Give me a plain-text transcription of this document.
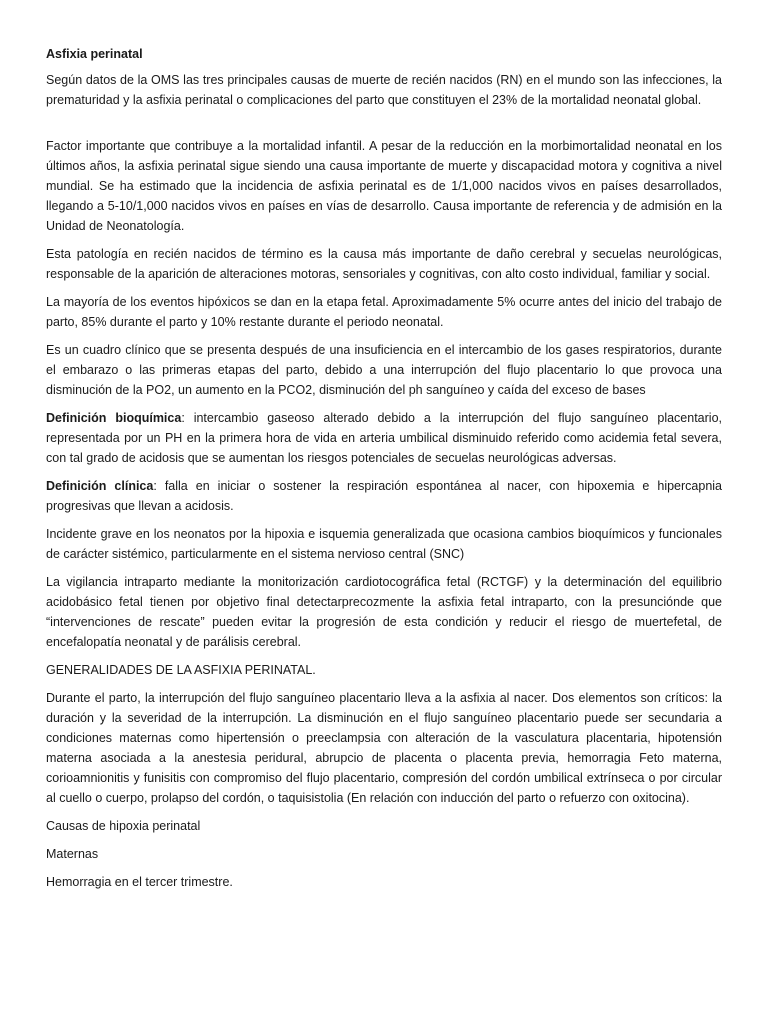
Asfixia perinatal

Según datos de la OMS las tres principales causas de muerte de recién nacidos (RN) en el mundo son las infecciones, la prematuridad y la asfixia perinatal o complicaciones del parto que constituyen el 23% de la mortalidad neonatal global.

Factor importante que contribuye a la mortalidad infantil. A pesar de la reducción en la morbimortalidad neonatal en los últimos años, la asfixia perinatal sigue siendo una causa importante de muerte y discapacidad motora y cognitiva a nivel mundial. Se ha estimado que la incidencia de asfixia perinatal es de 1/1,000 nacidos vivos en países desarrollados, llegando a 5-10/1,000 nacidos vivos en países en vías de desarrollo. Causa importante de referencia y de admisión en la Unidad de Neonatología.

Esta patología en recién nacidos de término es la causa más importante de daño cerebral y secuelas neurológicas, responsable de la aparición de alteraciones motoras, sensoriales y cognitivas, con alto costo individual, familiar y social.

La mayoría de los eventos hipóxicos se dan en la etapa fetal. Aproximadamente 5% ocurre antes del inicio del trabajo de parto, 85% durante el parto y 10% restante durante el periodo neonatal.

Es un cuadro clínico que se presenta después de una insuficiencia en el intercambio de los gases respiratorios, durante el embarazo o las primeras etapas del parto, debido a una interrupción del flujo placentario lo que provoca una disminución de la PO2, un aumento en la PCO2, disminución del ph sanguíneo y caída del exceso de bases

Definición bioquímica: intercambio gaseoso alterado debido a la interrupción del flujo sanguíneo placentario, representada por un PH en la primera hora de vida en arteria umbilical disminuido referido como acidemia fetal severa, con tal grado de acidosis que se aumentan los riesgos potenciales de secuelas neurológicas adversas.

Definición clínica: falla en iniciar o sostener la respiración espontánea al nacer, con hipoxemia e hipercapnia progresivas que llevan a acidosis.

Incidente grave en los neonatos por la hipoxia e isquemia generalizada que ocasiona cambios bioquímicos y funcionales de carácter sistémico, particularmente en el sistema nervioso central (SNC)

La vigilancia intraparto mediante la monitorización cardiotocográfica fetal (RCTGF) y la determinación del equilibrio acidobásico fetal tienen por objetivo final detectarprecozmente la asfixia fetal intraparto, con la presunciónde que “intervenciones de rescate” pueden evitar la progresión de esta condición y reducir el riesgo de muertefetal, de encefalopatía neonatal y de parálisis cerebral.

GENERALIDADES DE LA ASFIXIA PERINATAL.

Durante el parto, la interrupción del flujo sanguíneo placentario lleva a la asfixia al nacer. Dos elementos son críticos: la duración y la severidad de la interrupción. La disminución en el flujo sanguíneo placentario puede ser secundaria a condiciones maternas como hipertensión o preeclampsia con alteración de la vasculatura placentaria, hipotensión materna asociada a la anestesia peridural, abrupcio de placenta o placenta previa, hemorragia Feto materna, corioamnionitis y funisitis con compromiso del flujo placentario, compresión del cordón umbilical extrínseca o por circular al cuello o cuerpo, prolapso del cordón, o taquisistolia (En relación con inducción del parto o refuerzo con oxitocina).

Causas de hipoxia perinatal

Maternas

Hemorragia en el tercer trimestre.
